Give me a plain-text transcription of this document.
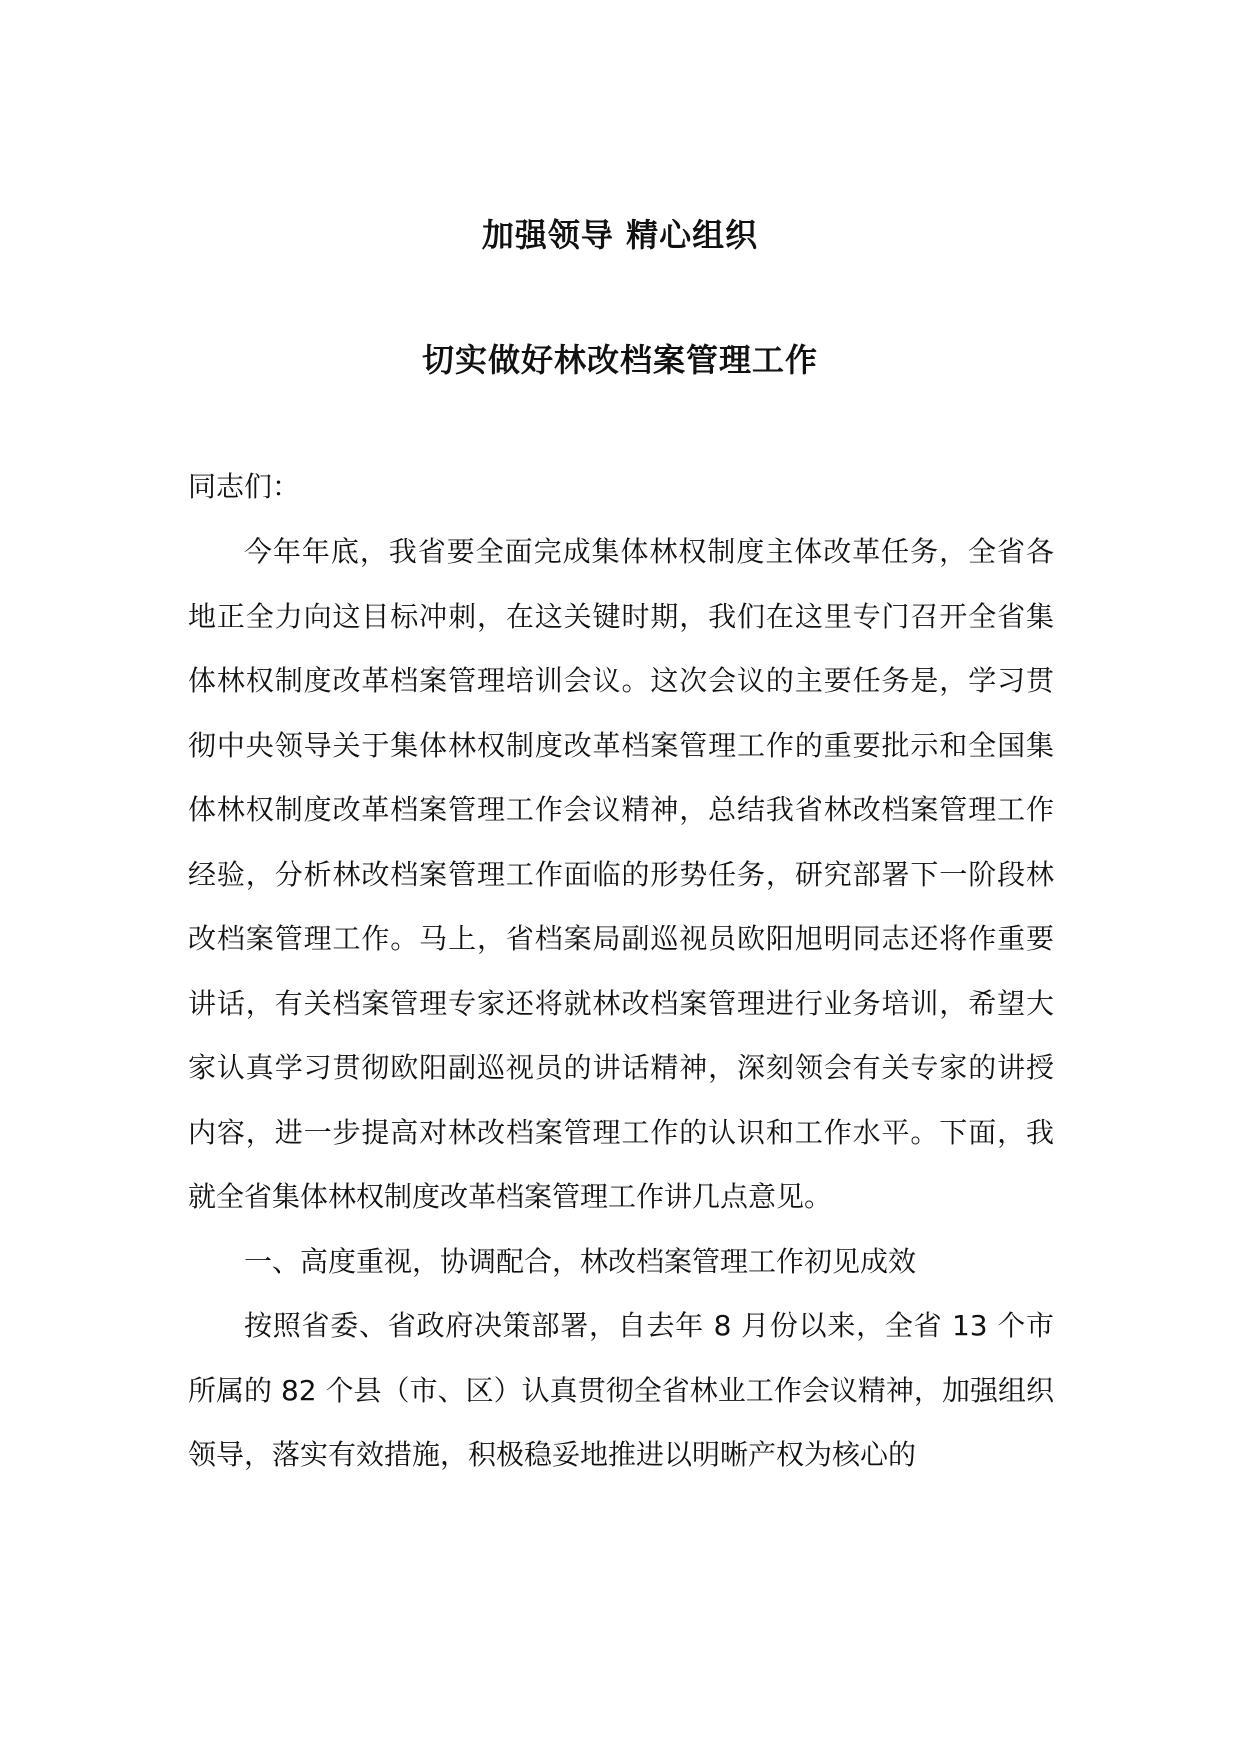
加强领导 精心组织
切实做好林改档案管理工作
同志们：

今年年底，我省要全面完成集体林权制度主体改革任务，全省各地正全力向这目标冲刺，在这关键时期，我们在这里专门召开全省集体林权制度改革档案管理培训会议。这次会议的主要任务是，学习贯彻中央领导关于集体林权制度改革档案管理工作的重要批示和全国集体林权制度改革档案管理工作会议精神，总结我省林改档案管理工作经验，分析林改档案管理工作面临的形势任务，研究部署下一阶段林改档案管理工作。马上，省档案局副巡视员欧阳旭明同志还将作重要讲话，有关档案管理专家还将就林改档案管理进行业务培训，希望大家认真学习贯彻欧阳副巡视员的讲话精神，深刻领会有关专家的讲授内容，进一步提高对林改档案管理工作的认识和工作水平。下面，我就全省集体林权制度改革档案管理工作讲几点意见。

一、高度重视，协调配合，林改档案管理工作初见成效

按照省委、省政府决策部署，自去年 8 月份以来，全省 13 个市所属的 82 个县（市、区）认真贯彻全省林业工作会议精神，加强组织领导，落实有效措施，积极稳妥地推进以明晰产权为核心的
